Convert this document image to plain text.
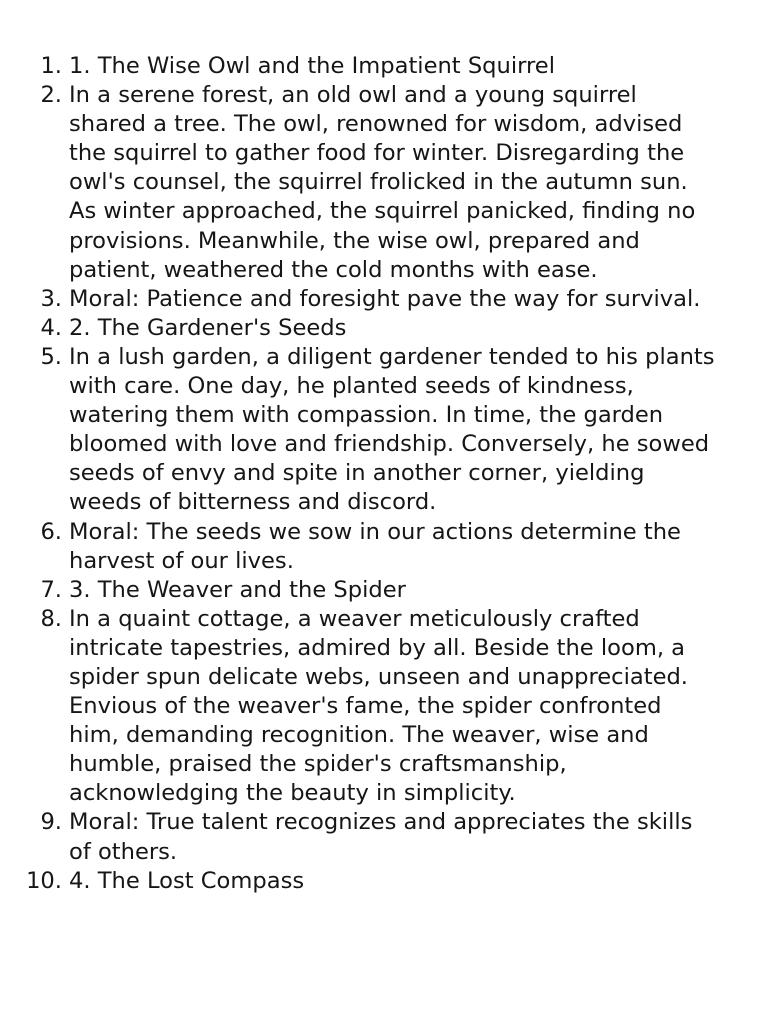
1. 1. The Wise Owl and the Impatient Squirrel
2. In a serene forest, an old owl and a young squirrel shared a tree. The owl, renowned for wisdom, advised the squirrel to gather food for winter. Disregarding the owl's counsel, the squirrel frolicked in the autumn sun. As winter approached, the squirrel panicked, finding no provisions. Meanwhile, the wise owl, prepared and patient, weathered the cold months with ease.
3. Moral: Patience and foresight pave the way for survival.
4. 2. The Gardener's Seeds
5. In a lush garden, a diligent gardener tended to his plants with care. One day, he planted seeds of kindness, watering them with compassion. In time, the garden bloomed with love and friendship. Conversely, he sowed seeds of envy and spite in another corner, yielding weeds of bitterness and discord.
6. Moral: The seeds we sow in our actions determine the harvest of our lives.
7. 3. The Weaver and the Spider
8. In a quaint cottage, a weaver meticulously crafted intricate tapestries, admired by all. Beside the loom, a spider spun delicate webs, unseen and unappreciated. Envious of the weaver's fame, the spider confronted him, demanding recognition. The weaver, wise and humble, praised the spider's craftsmanship, acknowledging the beauty in simplicity.
9. Moral: True talent recognizes and appreciates the skills of others.
10. 4. The Lost Compass
